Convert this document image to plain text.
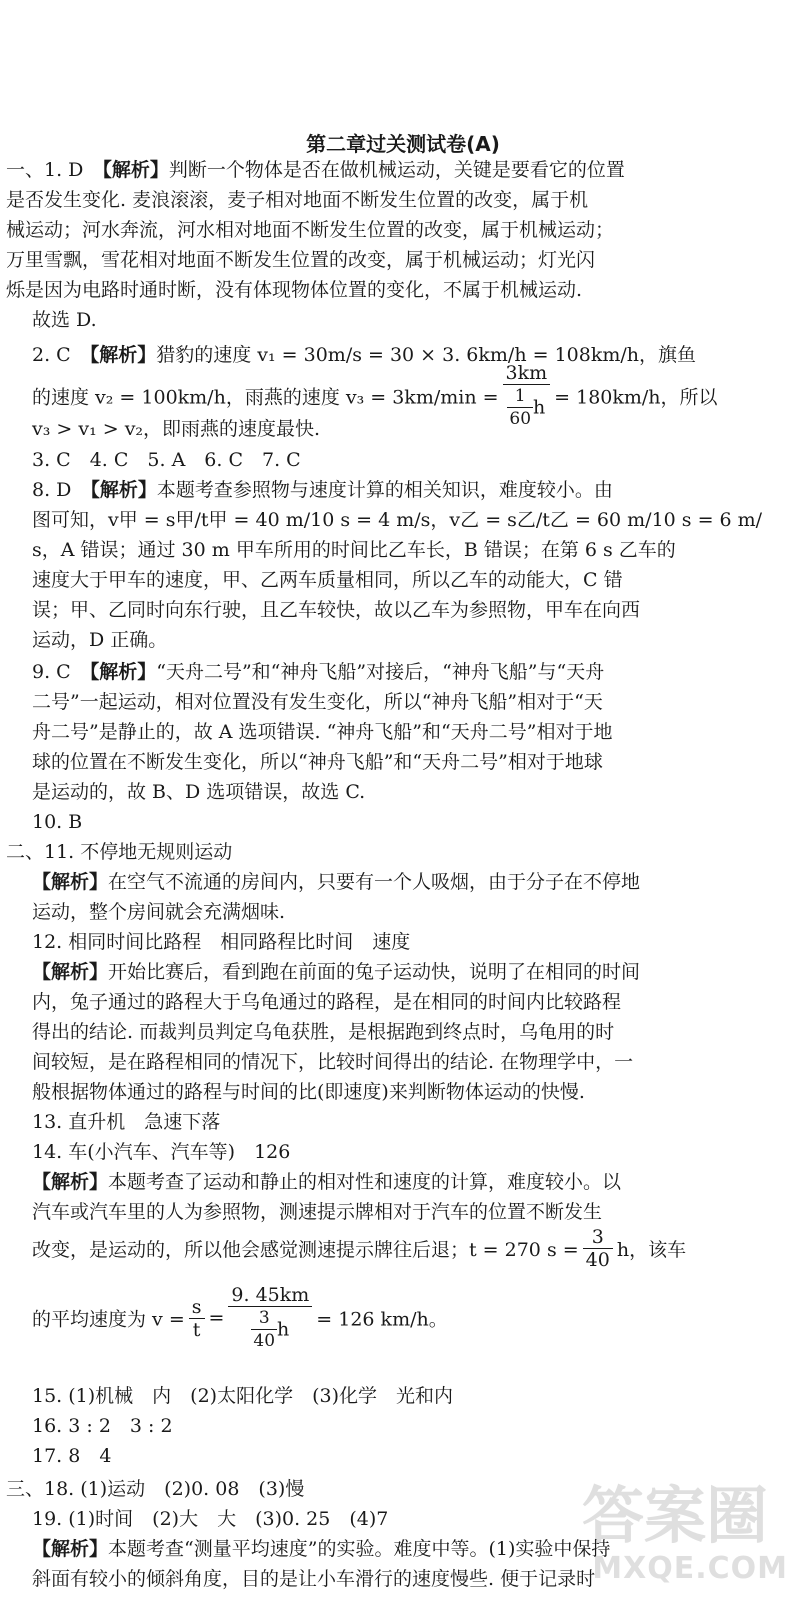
第二章过关测试卷(A)
一、1. D　【解析】判断一个物体是否在做机械运动，关键是要看它的位置
是否发生变化. 麦浪滚滚，麦子相对地面不断发生位置的改变，属于机
械运动；河水奔流，河水相对地面不断发生位置的改变，属于机械运动；
万里雪飘，雪花相对地面不断发生位置的改变，属于机械运动；灯光闪
烁是因为电路时通时断，没有体现物体位置的变化，不属于机械运动.
故选 D.
2. C　【解析】猎豹的速度 v₁ = 30m/s = 30 × 3. 6km/h = 108km/h，旗鱼
的速度 v₂ = 100km/h，雨燕的速度 $v_3 = 3km/\min = \frac{3km}{\frac{1}{60} h} = 180km/h$，所以
v₃ > v₁ > v₂，即雨燕的速度最快.
3. C　4. C　5. A　6. C　7. C
8. D　【解析】本题考查参照物与速度计算的相关知识，难度较小。由
图可知，v甲 = s甲/t甲 = 40 m/10 s = 4 m/s，v乙 = s乙/t乙 = 60 m/10 s = 6 m/
s，A 错误；通过 30 m 甲车所用的时间比乙车长，B 错误；在第 6 s 乙车的
速度大于甲车的速度，甲、乙两车质量相同，所以乙车的动能大，C 错
误；甲、乙同时向东行驶，且乙车较快，故以乙车为参照物，甲车在向西
运动，D 正确。
9. C　【解析】“天舟二号”和“神舟飞船”对接后，“神舟飞船”与“天舟
二号”一起运动，相对位置没有发生变化，所以“神舟飞船”相对于“天
舟二号”是静止的，故 A 选项错误. “神舟飞船”和“天舟二号”相对于地
球的位置在不断发生变化，所以“神舟飞船”和“天舟二号”相对于地球
是运动的，故 B、D 选项错误，故选 C.
10. B
二、11. 不停地无规则运动
【解析】在空气不流通的房间内，只要有一个人吸烟，由于分子在不停地
运动，整个房间就会充满烟味.
12. 相同时间比路程　相同路程比时间　速度
【解析】开始比赛后，看到跑在前面的兔子运动快，说明了在相同的时间
内，兔子通过的路程大于乌龟通过的路程，是在相同的时间内比较路程
得出的结论. 而裁判员判定乌龟获胜，是根据跑到终点时，乌龟用的时
间较短，是在路程相同的情况下，比较时间得出的结论. 在物理学中，一
般根据物体通过的路程与时间的比(即速度)来判断物体运动的快慢.
13. 直升机　急速下落
14. 车(小汽车、汽车等)　126
【解析】本题考查了运动和静止的相对性和速度的计算，难度较小。以
汽车或汽车里的人为参照物，测速提示牌相对于汽车的位置不断发生
改变，是运动的，所以他会感觉测速提示牌往后退；t = 270 $s = \frac{3}{40}$ h，该车
的平均速度为 $v = \frac{s}{t} = \frac{9. 45km}{\frac{3}{40} h} = 126$ km/h。
15. (1)机械　内　(2)太阳化学　(3)化学　光和内
16. 3 : 2　3 : 2
17. 8　4
三、18. (1)运动　(2)0. 08　(3)慢
19. (1)时间　(2)大　大　(3)0. 25　(4)7
【解析】本题考查“测量平均速度”的实验。难度中等。(1)实验中保持
斜面有较小的倾斜角度，目的是让小车滑行的速度慢些. 便于记录时
答案圈
MXQE.COM
